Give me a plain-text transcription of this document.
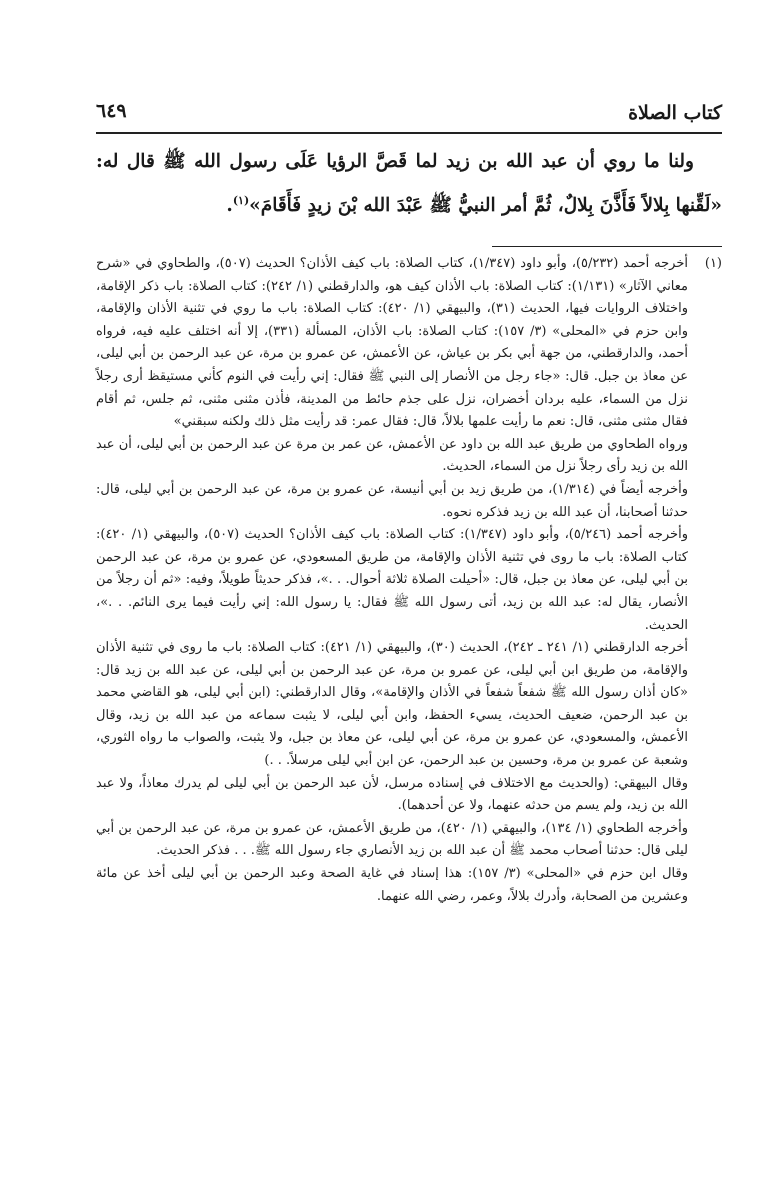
كتاب الصلاة
٦٤٩

ولنا ما روي أن عبد الله بن زيد لما قَصَّ الرؤيا عَلَى رسول الله ﷺ قال له: «لَقِّنها بِلالاً فَأَذَّنَ بِلالٌ، ثُمَّ أمر النبيُّ ﷺ عَبْدَ الله بْنَ زيدٍ فَأَقَامَ»$^{(١)}$.

(١)
أخرجه أحمد (٥/٢٣٢)، وأبو داود (١/٣٤٧)، كتاب الصلاة: باب كيف الأذان؟ الحديث (٥٠٧)، والطحاوي في «شرح معاني الآثار» (١/١٣١): كتاب الصلاة: باب الأذان كيف هو، والدارقطني (١/ ٢٤٢): كتاب الصلاة: باب ذكر الإقامة، واختلاف الروايات فيها، الحديث (٣١)، والبيهقي (١/ ٤٢٠): كتاب الصلاة: باب ما روي في تثنية الأذان والإقامة، وابن حزم في «المحلى» (٣/ ١٥٧): كتاب الصلاة: باب الأذان، المسألة (٣٣١)، إلا أنه اختلف عليه فيه، فرواه أحمد، والدارقطني، من جهة أبي بكر بن عياش، عن الأعمش، عن عمرو بن مرة، عن عبد الرحمن بن أبي ليلى، عن معاذ بن جبل. قال: «جاء رجل من الأنصار إلى النبي ﷺ فقال: إني رأيت في النوم كأني مستيقظ أرى رجلاً نزل من السماء، عليه بردان أخضران، نزل على جذم حائط من المدينة، فأذن مثنى مثنى، ثم جلس، ثم أقام فقال مثنى مثنى، قال: نعم ما رأيت علمها بلالاً، قال: فقال عمر: قد رأيت مثل ذلك ولكنه سبقني»

ورواه الطحاوي من طريق عبد الله بن داود عن الأعمش، عن عمر بن مرة عن عبد الرحمن بن أبي ليلى، أن عبد الله بن زيد رأى رجلاً نزل من السماء، الحديث.

وأخرجه أيضاً في (١/٣١٤)، من طريق زيد بن أبي أنيسة، عن عمرو بن مرة، عن عبد الرحمن بن أبي ليلى، قال: حدثنا أصحابنا، أن عبد الله بن زيد فذكره نحوه.

وأخرجه أحمد (٥/٢٤٦)، وأبو داود (١/٣٤٧): كتاب الصلاة: باب كيف الأذان؟ الحديث (٥٠٧)، والبيهقي (١/ ٤٢٠): كتاب الصلاة: باب ما روى في تثنية الأذان والإقامة، من طريق المسعودي، عن عمرو بن مرة، عن عبد الرحمن بن أبي ليلى، عن معاذ بن جبل، قال: «أحيلت الصلاة ثلاثة أحوال. . .»، فذكر حديثاً طويلاً، وفيه: «ثم أن رجلاً من الأنصار، يقال له: عبد الله بن زيد، أتى رسول الله ﷺ فقال: يا رسول الله: إني رأيت فيما يرى النائم. . .»، الحديث.

أخرجه الدارقطني (١/ ٢٤١ ـ ٢٤٢)، الحديث (٣٠)، والبيهقي (١/ ٤٢١): كتاب الصلاة: باب ما روى في تثنية الأذان والإقامة، من طريق ابن أبي ليلى، عن عمرو بن مرة، عن عبد الرحمن بن أبي ليلى، عن عبد الله بن زيد قال: «كان أذان رسول الله ﷺ شفعاً شفعاً في الأذان والإقامة»، وقال الدارقطني: (ابن أبي ليلى، هو القاضي محمد بن عبد الرحمن، ضعيف الحديث، يسيء الحفظ، وابن أبي ليلى، لا يثبت سماعه من عبد الله بن زيد، وقال الأعمش، والمسعودي، عن عمرو بن مرة، عن أبي ليلى، عن معاذ بن جبل، ولا يثبت، والصواب ما رواه الثوري، وشعبة عن عمرو بن مرة، وحسين بن عبد الرحمن، عن ابن أبي ليلى مرسلاً. . .)

وقال البيهقي: (والحديث مع الاختلاف في إسناده مرسل، لأن عبد الرحمن بن أبي ليلى لم يدرك معاذاً، ولا عبد الله بن زيد، ولم يسم من حدثه عنهما، ولا عن أحدهما).

وأخرجه الطحاوي (١/ ١٣٤)، والبيهقي (١/ ٤٢٠)، من طريق الأعمش، عن عمرو بن مرة، عن عبد الرحمن بن أبي ليلى قال: حدثنا أصحاب محمد ﷺ أن عبد الله بن زيد الأنصاري جاء رسول الله ﷺ. . . فذكر الحديث.

وقال ابن حزم في «المحلى» (٣/ ١٥٧): هذا إسناد في غاية الصحة وعبد الرحمن بن أبي ليلى أخذ عن مائة وعشرين من الصحابة، وأدرك بلالاً، وعمر، رضي الله عنهما.
